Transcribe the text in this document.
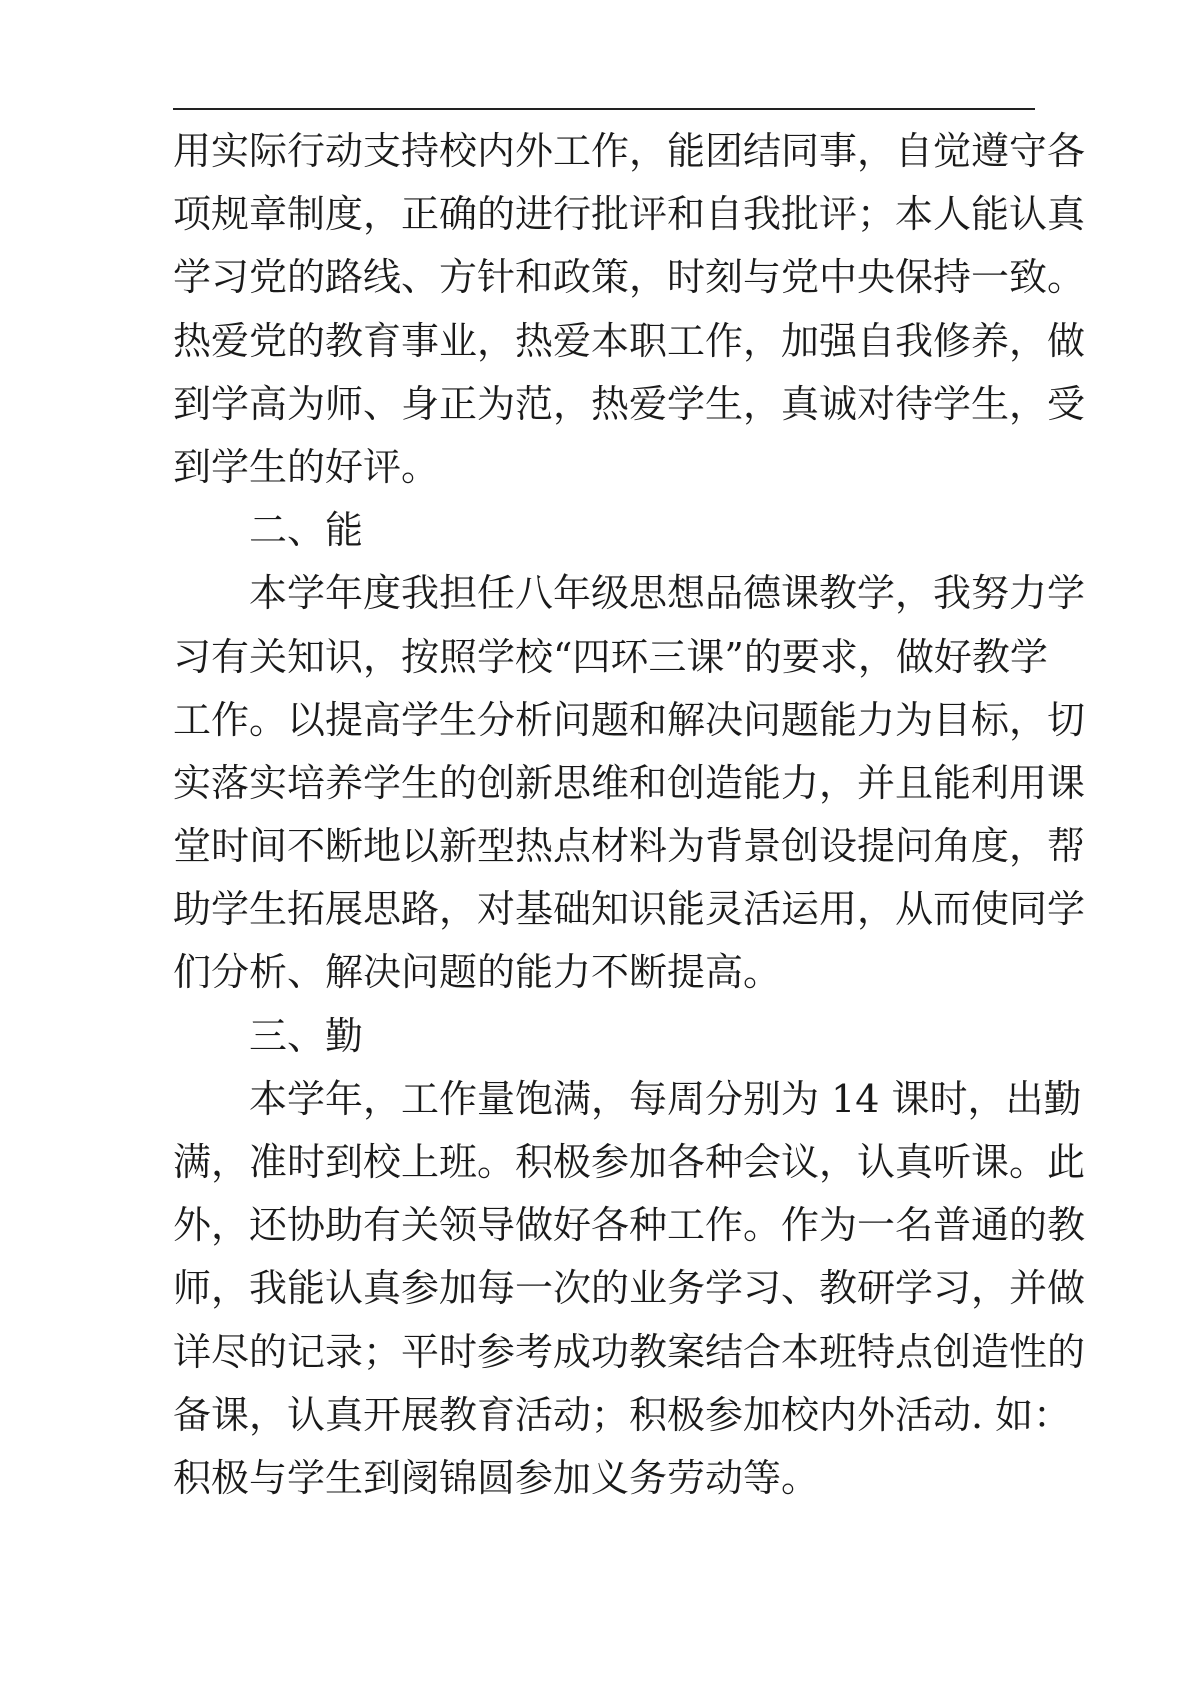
用实际行动支持校内外工作，能团结同事，自觉遵守各
项规章制度，正确的进行批评和自我批评；本人能认真
学习党的路线、方针和政策，时刻与党中央保持一致。
热爱党的教育事业，热爱本职工作，加强自我修养，做
到学高为师、身正为范，热爱学生，真诚对待学生，受
到学生的好评。
二、能
本学年度我担任八年级思想品德课教学，我努力学
习有关知识，按照学校“四环三课”的要求，做好教学
工作。以提高学生分析问题和解决问题能力为目标，切
实落实培养学生的创新思维和创造能力，并且能利用课
堂时间不断地以新型热点材料为背景创设提问角度，帮
助学生拓展思路，对基础知识能灵活运用，从而使同学
们分析、解决问题的能力不断提高。
三、勤
本学年，工作量饱满，每周分别为 14 课时，出勤
满，准时到校上班。积极参加各种会议，认真听课。此
外，还协助有关领导做好各种工作。作为一名普通的教
师，我能认真参加每一次的业务学习、教研学习，并做
详尽的记录；平时参考成功教案结合本班特点创造性的
备课，认真开展教育活动；积极参加校内外活动. 如：
积极与学生到阌锦圆参加义务劳动等。
